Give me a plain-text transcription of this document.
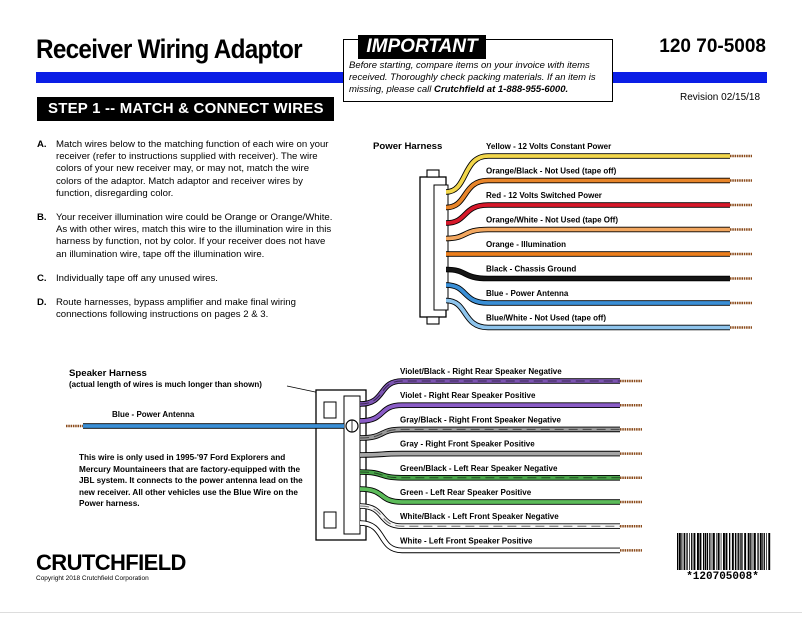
Receiver Wiring Adaptor	120 70-5008
IMPORTANT
Before starting, compare items on your invoice with items received. Thoroughly check packing materials. If an item is missing, please call Crutchfield at 1-888-955-6000.
Revision 02/15/18
STEP 1 -- MATCH & CONNECT WIRES
A. Match wires below to the matching function of each wire on your receiver (refer to instructions supplied with receiver). The wire colors of your new receiver may, or may not, match the wire colors of the adaptor. Match adaptor and receiver wires by function, disregarding color.
B. Your receiver illumination wire could be Orange or Orange/White. As with other wires, match this wire to the illumination wire in this harness by function, not by color. If your receiver does not have an illumination wire, tape off the illumination wire.
C. Individually tape off any unused wires.
D. Route harnesses, bypass amplifier and make final wiring connections following instructions on pages 2 & 3.
Power Harness	Yellow - 12 Volts Constant Power
Orange/Black - Not Used (tape off)
Red - 12 Volts Switched Power
Orange/White - Not Used (tape Off)
Orange - Illumination
Black - Chassis Ground
Blue - Power Antenna
Blue/White - Not Used (tape off)
Speaker Harness
(actual length of wires is much longer than shown)
Violet/Black - Right Rear Speaker Negative
Violet - Right Rear Speaker Positive
Gray/Black - Right Front Speaker Negative
Gray - Right Front Speaker Positive
Green/Black - Left Rear Speaker Negative
Green - Left Rear Speaker Positive
White/Black - Left Front Speaker Negative
White - Left Front Speaker Positive
Blue - Power Antenna
This wire is only used in 1995-'97 Ford Explorers and Mercury Mountaineers that are factory-equipped with the JBL system. It connects to the power antenna lead on the new receiver. All other vehicles use the Blue Wire on the Power harness.
CRUTCHFIELD
Copyright 2018 Crutchfield Corporation	*120705008*
